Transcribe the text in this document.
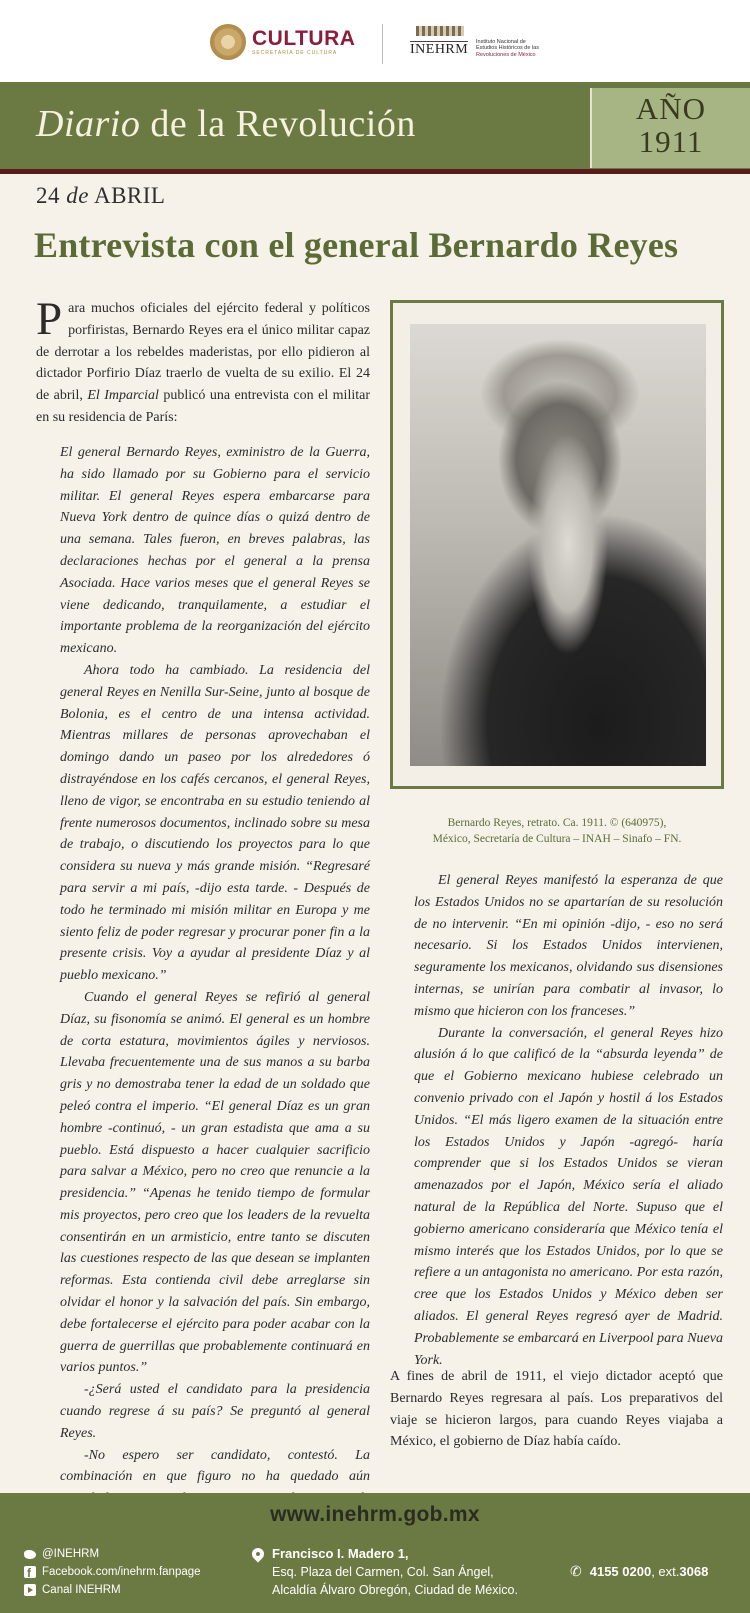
CULTURA
SECRETARÍA DE CULTURA	INEHRM
Instituto Nacional de
Estudios Históricos de las
Revoluciones de México
Diario de la Revolución	AÑO
1911
24 de ABRIL
Entrevista con el general Bernardo Reyes
Para muchos oficiales del ejército federal y políticos porfiristas, Bernardo Reyes era el único militar capaz de derrotar a los rebeldes maderistas, por ello pidieron al dictador Porfirio Díaz traerlo de vuelta de su exilio. El 24 de abril, El Imparcial publicó una entrevista con el militar en su residencia de París:

El general Bernardo Reyes, exministro de la Guerra, ha sido llamado por su Gobierno para el servicio militar. El general Reyes espera embarcarse para Nueva York dentro de quince días o quizá dentro de una semana. Tales fueron, en breves palabras, las declaraciones hechas por el general a la prensa Asociada. Hace varios meses que el general Reyes se viene dedicando, tranquilamente, a estudiar el importante problema de la reorganización del ejército mexicano.

Ahora todo ha cambiado. La residencia del general Reyes en Nenilla Sur-Seine, junto al bosque de Bolonia, es el centro de una intensa actividad. Mientras millares de personas aprovechaban el domingo dando un paseo por los alrededores ó distrayéndose en los cafés cercanos, el general Reyes, lleno de vigor, se encontraba en su estudio teniendo al frente numerosos documentos, inclinado sobre su mesa de trabajo, o discutiendo los proyectos para lo que considera su nueva y más grande misión. “Regresaré para servir a mi país, -dijo esta tarde. - Después de todo he terminado mi misión militar en Europa y me siento feliz de poder regresar y procurar poner fin a la presente crisis. Voy a ayudar al presidente Díaz y al pueblo mexicano.”

Cuando el general Reyes se refirió al general Díaz, su fisonomía se animó. El general es un hombre de corta estatura, movimientos ágiles y nerviosos. Llevaba frecuentemente una de sus manos a su barba gris y no demostraba tener la edad de un soldado que peleó contra el imperio. “El general Díaz es un gran hombre -continuó, - un gran estadista que ama a su pueblo. Está dispuesto a hacer cualquier sacrificio para salvar a México, pero no creo que renuncie a la presidencia.” “Apenas he tenido tiempo de formular mis proyectos, pero creo que los leaders de la revuelta consentirán en un armisticio, entre tanto se discuten las cuestiones respecto de las que desean se implanten reformas. Esta contienda civil debe arreglarse sin olvidar el honor y la salvación del país. Sin embargo, debe fortalecerse el ejército para poder acabar con la guerra de guerrillas que probablemente continuará en varios puntos.”

-¿Será usted el candidato para la presidencia cuando regrese á su país? Se preguntó al general Reyes.

-No espero ser candidato, contestó. La combinación en que figuro no ha quedado aún

Bernardo Reyes, retrato. Ca. 1911. © (640975),
México, Secretaría de Cultura – INAH – Sinafo – FN.

El general Reyes manifestó la esperanza de que los Estados Unidos no se apartarían de su resolución de no intervenir. “En mi opinión -dijo, - eso no será necesario. Si los Estados Unidos intervienen, seguramente los mexicanos, olvidando sus disensiones internas, se unirían para combatir al invasor, lo mismo que hicieron con los franceses.”

Durante la conversación, el general Reyes hizo alusión á lo que calificó de la “absurda leyenda” de que el Gobierno mexicano hubiese celebrado un convenio privado con el Japón y hostil á los Estados Unidos. “El más ligero examen de la situación entre los Estados Unidos y Japón -agregó- haría comprender que si los Estados Unidos se vieran amenazados por el Japón, México sería el aliado natural de la República del Norte. Supuso que el gobierno americano consideraría que México tenía el mismo interés que los Estados Unidos, por lo que se refiere a un antagonista no americano. Por esta razón, cree que los Estados Unidos y México deben ser aliados. El general Reyes regresó ayer de Madrid. Probablemente se embarcará en Liverpool para Nueva York.

A fines de abril de 1911, el viejo dictador aceptó que Bernardo Reyes regresara al país. Los preparativos del viaje se hicieron largos, para cuando Reyes viajaba a México, el gobierno de Díaz había caído.
www.inehrm.gob.mx
@INEHRM
f
Facebook.com/inehrm.fanpage
Canal INEHRM
Francisco I. Madero 1,
Esq. Plaza del Carmen, Col. San Ángel,
Alcaldía Álvaro Obregón, Ciudad de México.
✆ 4155 0200 , ext. 3068
